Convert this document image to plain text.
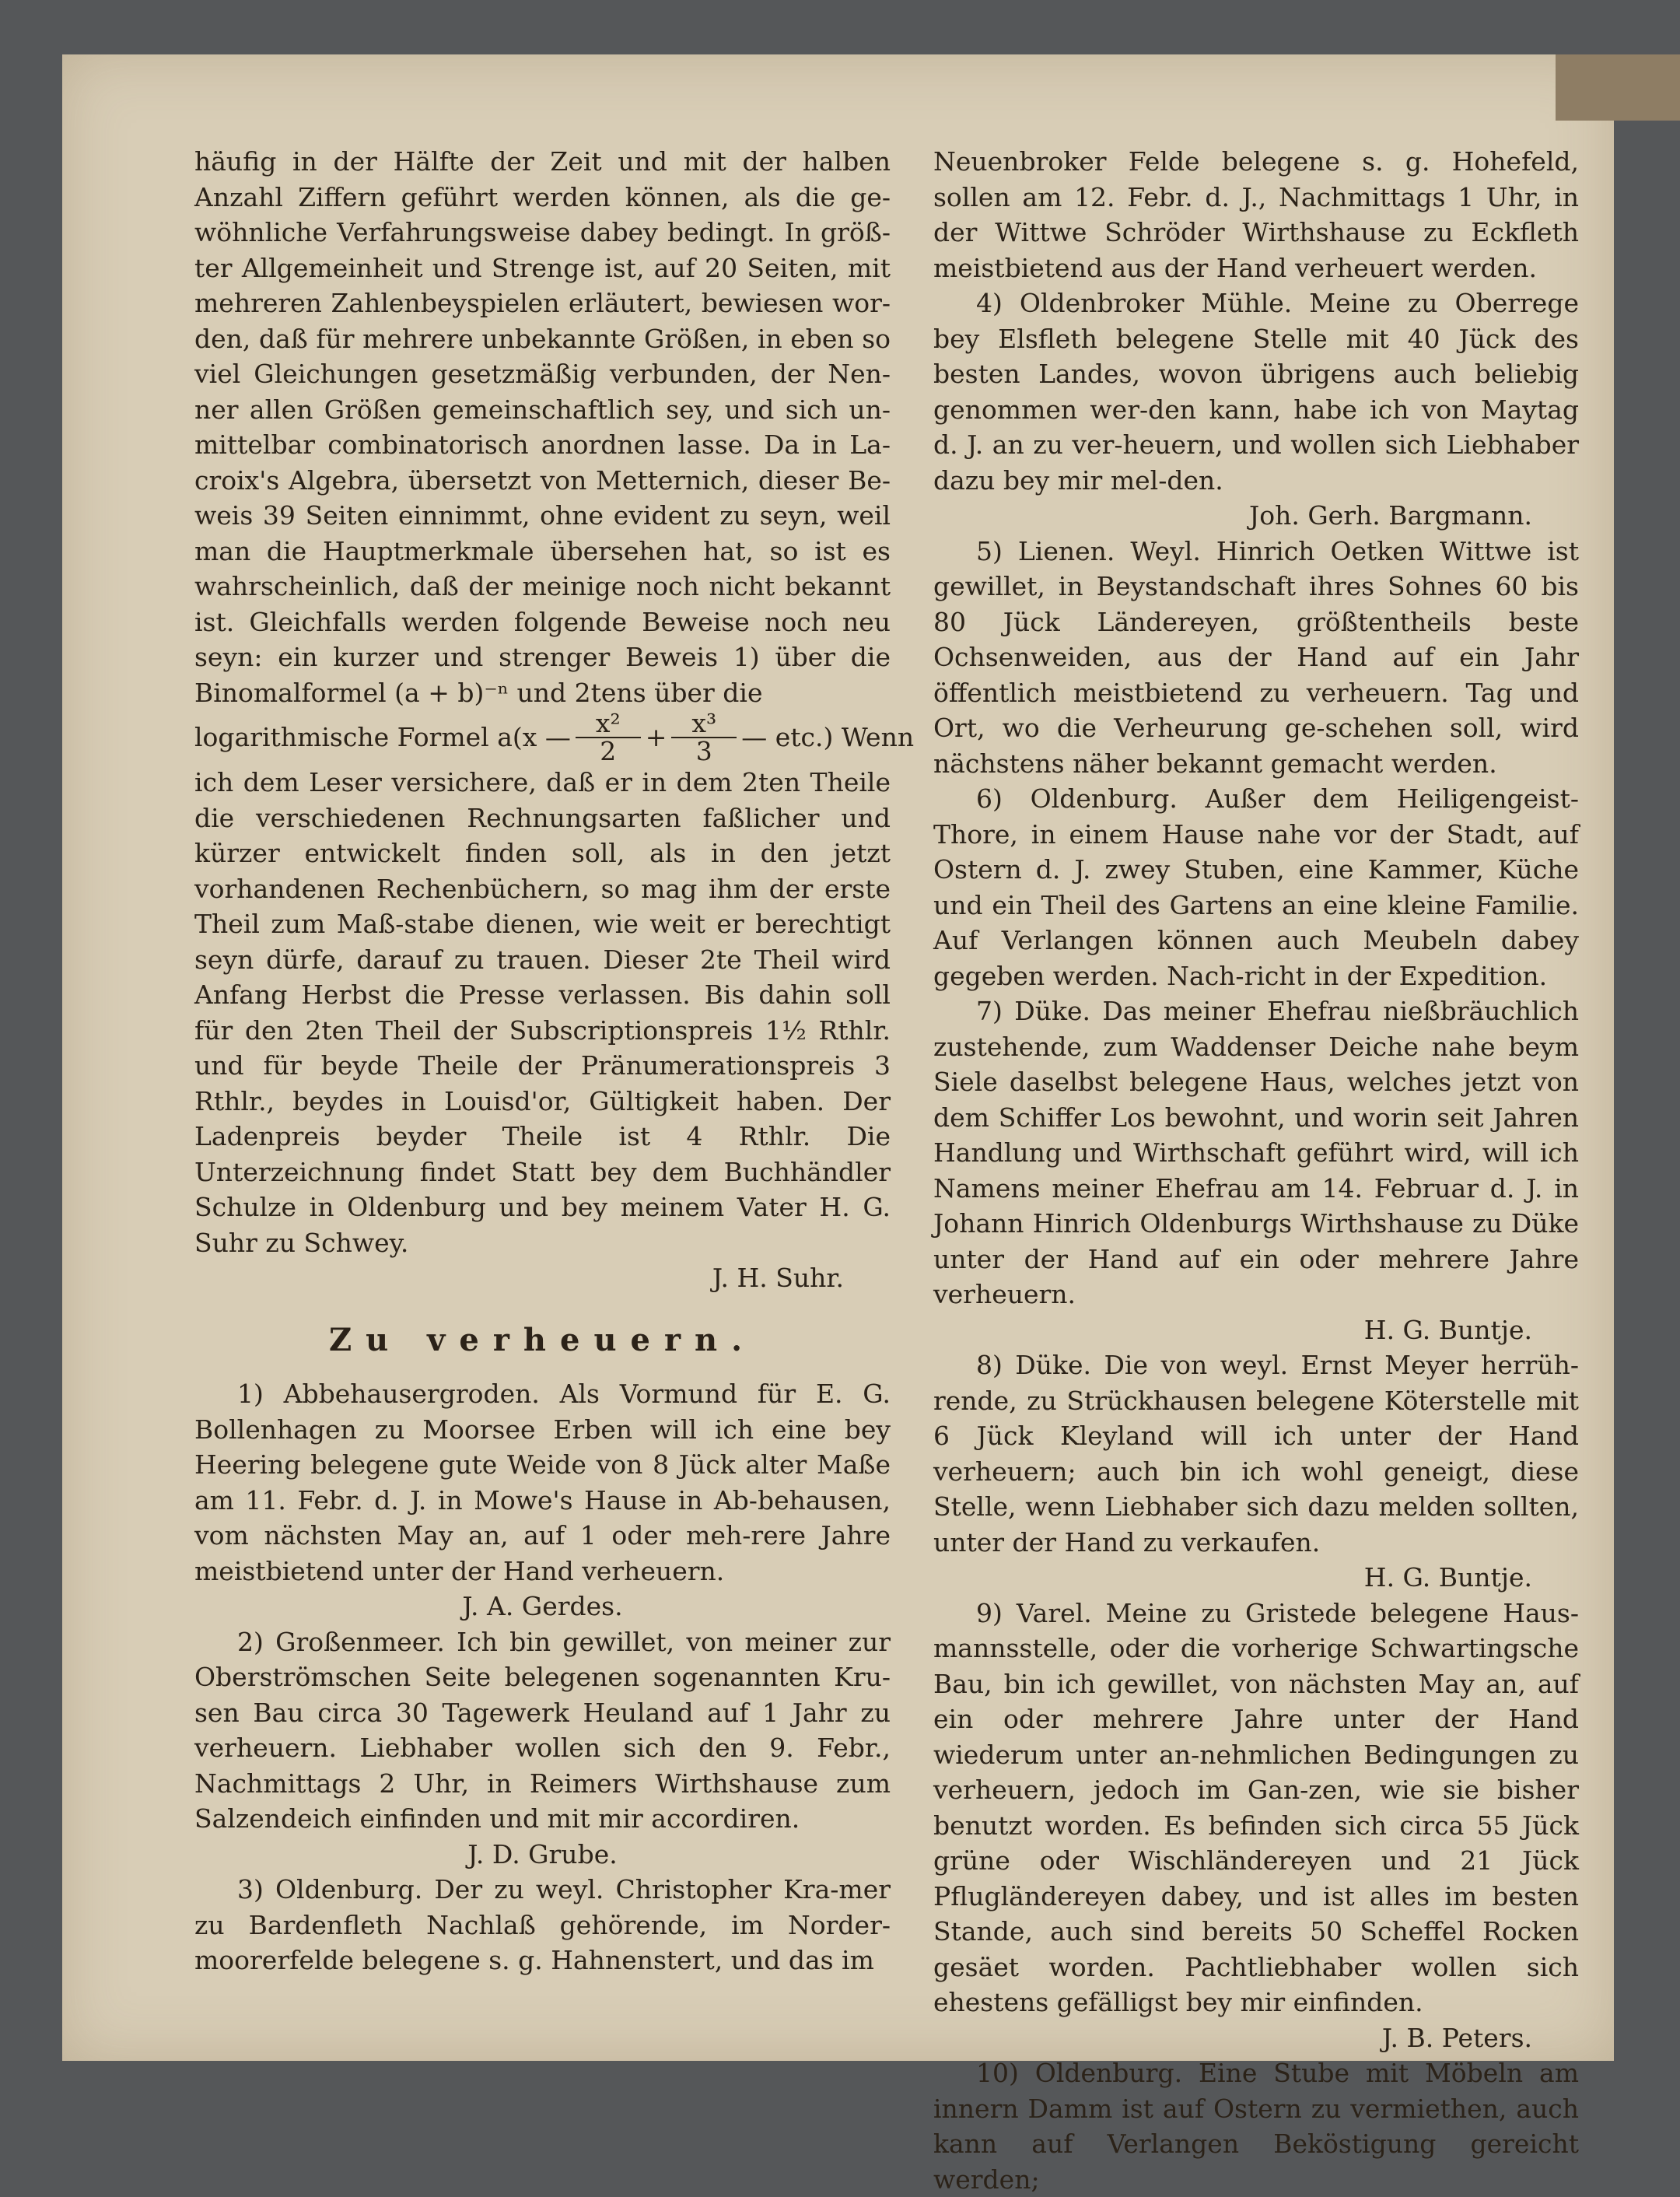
häufig in der Hälfte der Zeit und mit der halben Anzahl Ziffern geführt werden können, als die ge-wöhnliche Verfahrungsweise dabey bedingt. In größ-ter Allgemeinheit und Strenge ist, auf 20 Seiten, mit mehreren Zahlenbeyspielen erläutert, bewiesen wor-den, daß für mehrere unbekannte Größen, in eben so viel Gleichungen gesetzmäßig verbunden, der Nen-ner allen Größen gemeinschaftlich sey, und sich un-mittelbar combinatorisch anordnen lasse. Da in La-croix's Algebra, übersetzt von Metternich, dieser Be-weis 39 Seiten einnimmt, ohne evident zu seyn, weil man die Hauptmerkmale übersehen hat, so ist es wahrscheinlich, daß der meinige noch nicht bekannt ist. Gleichfalls werden folgende Beweise noch neu seyn: ein kurzer und strenger Beweis 1) über die Binomalformel (a + b)⁻ⁿ und 2tens über die

logarithmische Formel a(x — $\frac{\text{x²}}{2} + \frac{\text{x³}}{3}$ — etc.) Wenn

ich dem Leser versichere, daß er in dem 2ten Theile die verschiedenen Rechnungsarten faßlicher und kürzer entwickelt finden soll, als in den jetzt vorhandenen Rechenbüchern, so mag ihm der erste Theil zum Maß-stabe dienen, wie weit er berechtigt seyn dürfe, darauf zu trauen. Dieser 2te Theil wird Anfang Herbst die Presse verlassen. Bis dahin soll für den 2ten Theil der Subscriptionspreis 1½ Rthlr. und für beyde Theile der Pränumerationspreis 3 Rthlr., beydes in Louisd'or, Gültigkeit haben. Der Ladenpreis beyder Theile ist 4 Rthlr. Die Unterzeichnung findet Statt bey dem Buchhändler Schulze in Oldenburg und bey meinem Vater H. G. Suhr zu Schwey.

J. H. Suhr.

Zu verheuern.

1) Abbehausergroden. Als Vormund für E. G. Bollenhagen zu Moorsee Erben will ich eine bey Heering belegene gute Weide von 8 Jück alter Maße am 11. Febr. d. J. in Mowe's Hause in Ab-behausen, vom nächsten May an, auf 1 oder meh-rere Jahre meistbietend unter der Hand verheuern.

J. A. Gerdes.

2) Großenmeer. Ich bin gewillet, von meiner zur Oberströmschen Seite belegenen sogenannten Kru-sen Bau circa 30 Tagewerk Heuland auf 1 Jahr zu verheuern. Liebhaber wollen sich den 9. Febr., Nachmittags 2 Uhr, in Reimers Wirthshause zum Salzendeich einfinden und mit mir accordiren.

J. D. Grube.

3) Oldenburg. Der zu weyl. Christopher Kra-mer zu Bardenfleth Nachlaß gehörende, im Norder-moorerfelde belegene s. g. Hahnenstert, und das im

Neuenbroker Felde belegene s. g. Hohefeld, sollen am 12. Febr. d. J., Nachmittags 1 Uhr, in der Wittwe Schröder Wirthshause zu Eckfleth meistbietend aus der Hand verheuert werden.

4) Oldenbroker Mühle. Meine zu Oberrege bey Elsfleth belegene Stelle mit 40 Jück des besten Landes, wovon übrigens auch beliebig genommen wer-den kann, habe ich von Maytag d. J. an zu ver-heuern, und wollen sich Liebhaber dazu bey mir mel-den.

Joh. Gerh. Bargmann.

5) Lienen. Weyl. Hinrich Oetken Wittwe ist gewillet, in Beystandschaft ihres Sohnes 60 bis 80 Jück Ländereyen, größtentheils beste Ochsenweiden, aus der Hand auf ein Jahr öffentlich meistbietend zu verheuern. Tag und Ort, wo die Verheurung ge-schehen soll, wird nächstens näher bekannt gemacht werden.

6) Oldenburg. Außer dem Heiligengeist-Thore, in einem Hause nahe vor der Stadt, auf Ostern d. J. zwey Stuben, eine Kammer, Küche und ein Theil des Gartens an eine kleine Familie. Auf Verlangen können auch Meubeln dabey gegeben werden. Nach-richt in der Expedition.

7) Düke. Das meiner Ehefrau nießbräuchlich zustehende, zum Waddenser Deiche nahe beym Siele daselbst belegene Haus, welches jetzt von dem Schiffer Los bewohnt, und worin seit Jahren Handlung und Wirthschaft geführt wird, will ich Namens meiner Ehefrau am 14. Februar d. J. in Johann Hinrich Oldenburgs Wirthshause zu Düke unter der Hand auf ein oder mehrere Jahre verheuern.

H. G. Buntje.

8) Düke. Die von weyl. Ernst Meyer herrüh-rende, zu Strückhausen belegene Köterstelle mit 6 Jück Kleyland will ich unter der Hand verheuern; auch bin ich wohl geneigt, diese Stelle, wenn Liebhaber sich dazu melden sollten, unter der Hand zu verkaufen.

H. G. Buntje.

9) Varel. Meine zu Gristede belegene Haus-mannsstelle, oder die vorherige Schwartingsche Bau, bin ich gewillet, von nächsten May an, auf ein oder mehrere Jahre unter der Hand wiederum unter an-nehmlichen Bedingungen zu verheuern, jedoch im Gan-zen, wie sie bisher benutzt worden. Es befinden sich circa 55 Jück grüne oder Wischländereyen und 21 Jück Pflugländereyen dabey, und ist alles im besten Stande, auch sind bereits 50 Scheffel Rocken gesäet worden. Pachtliebhaber wollen sich ehestens gefälligst bey mir einfinden.

J. B. Peters.

10) Oldenburg. Eine Stube mit Möbeln am innern Damm ist auf Ostern zu vermiethen, auch kann auf Verlangen Beköstigung gereicht werden;
